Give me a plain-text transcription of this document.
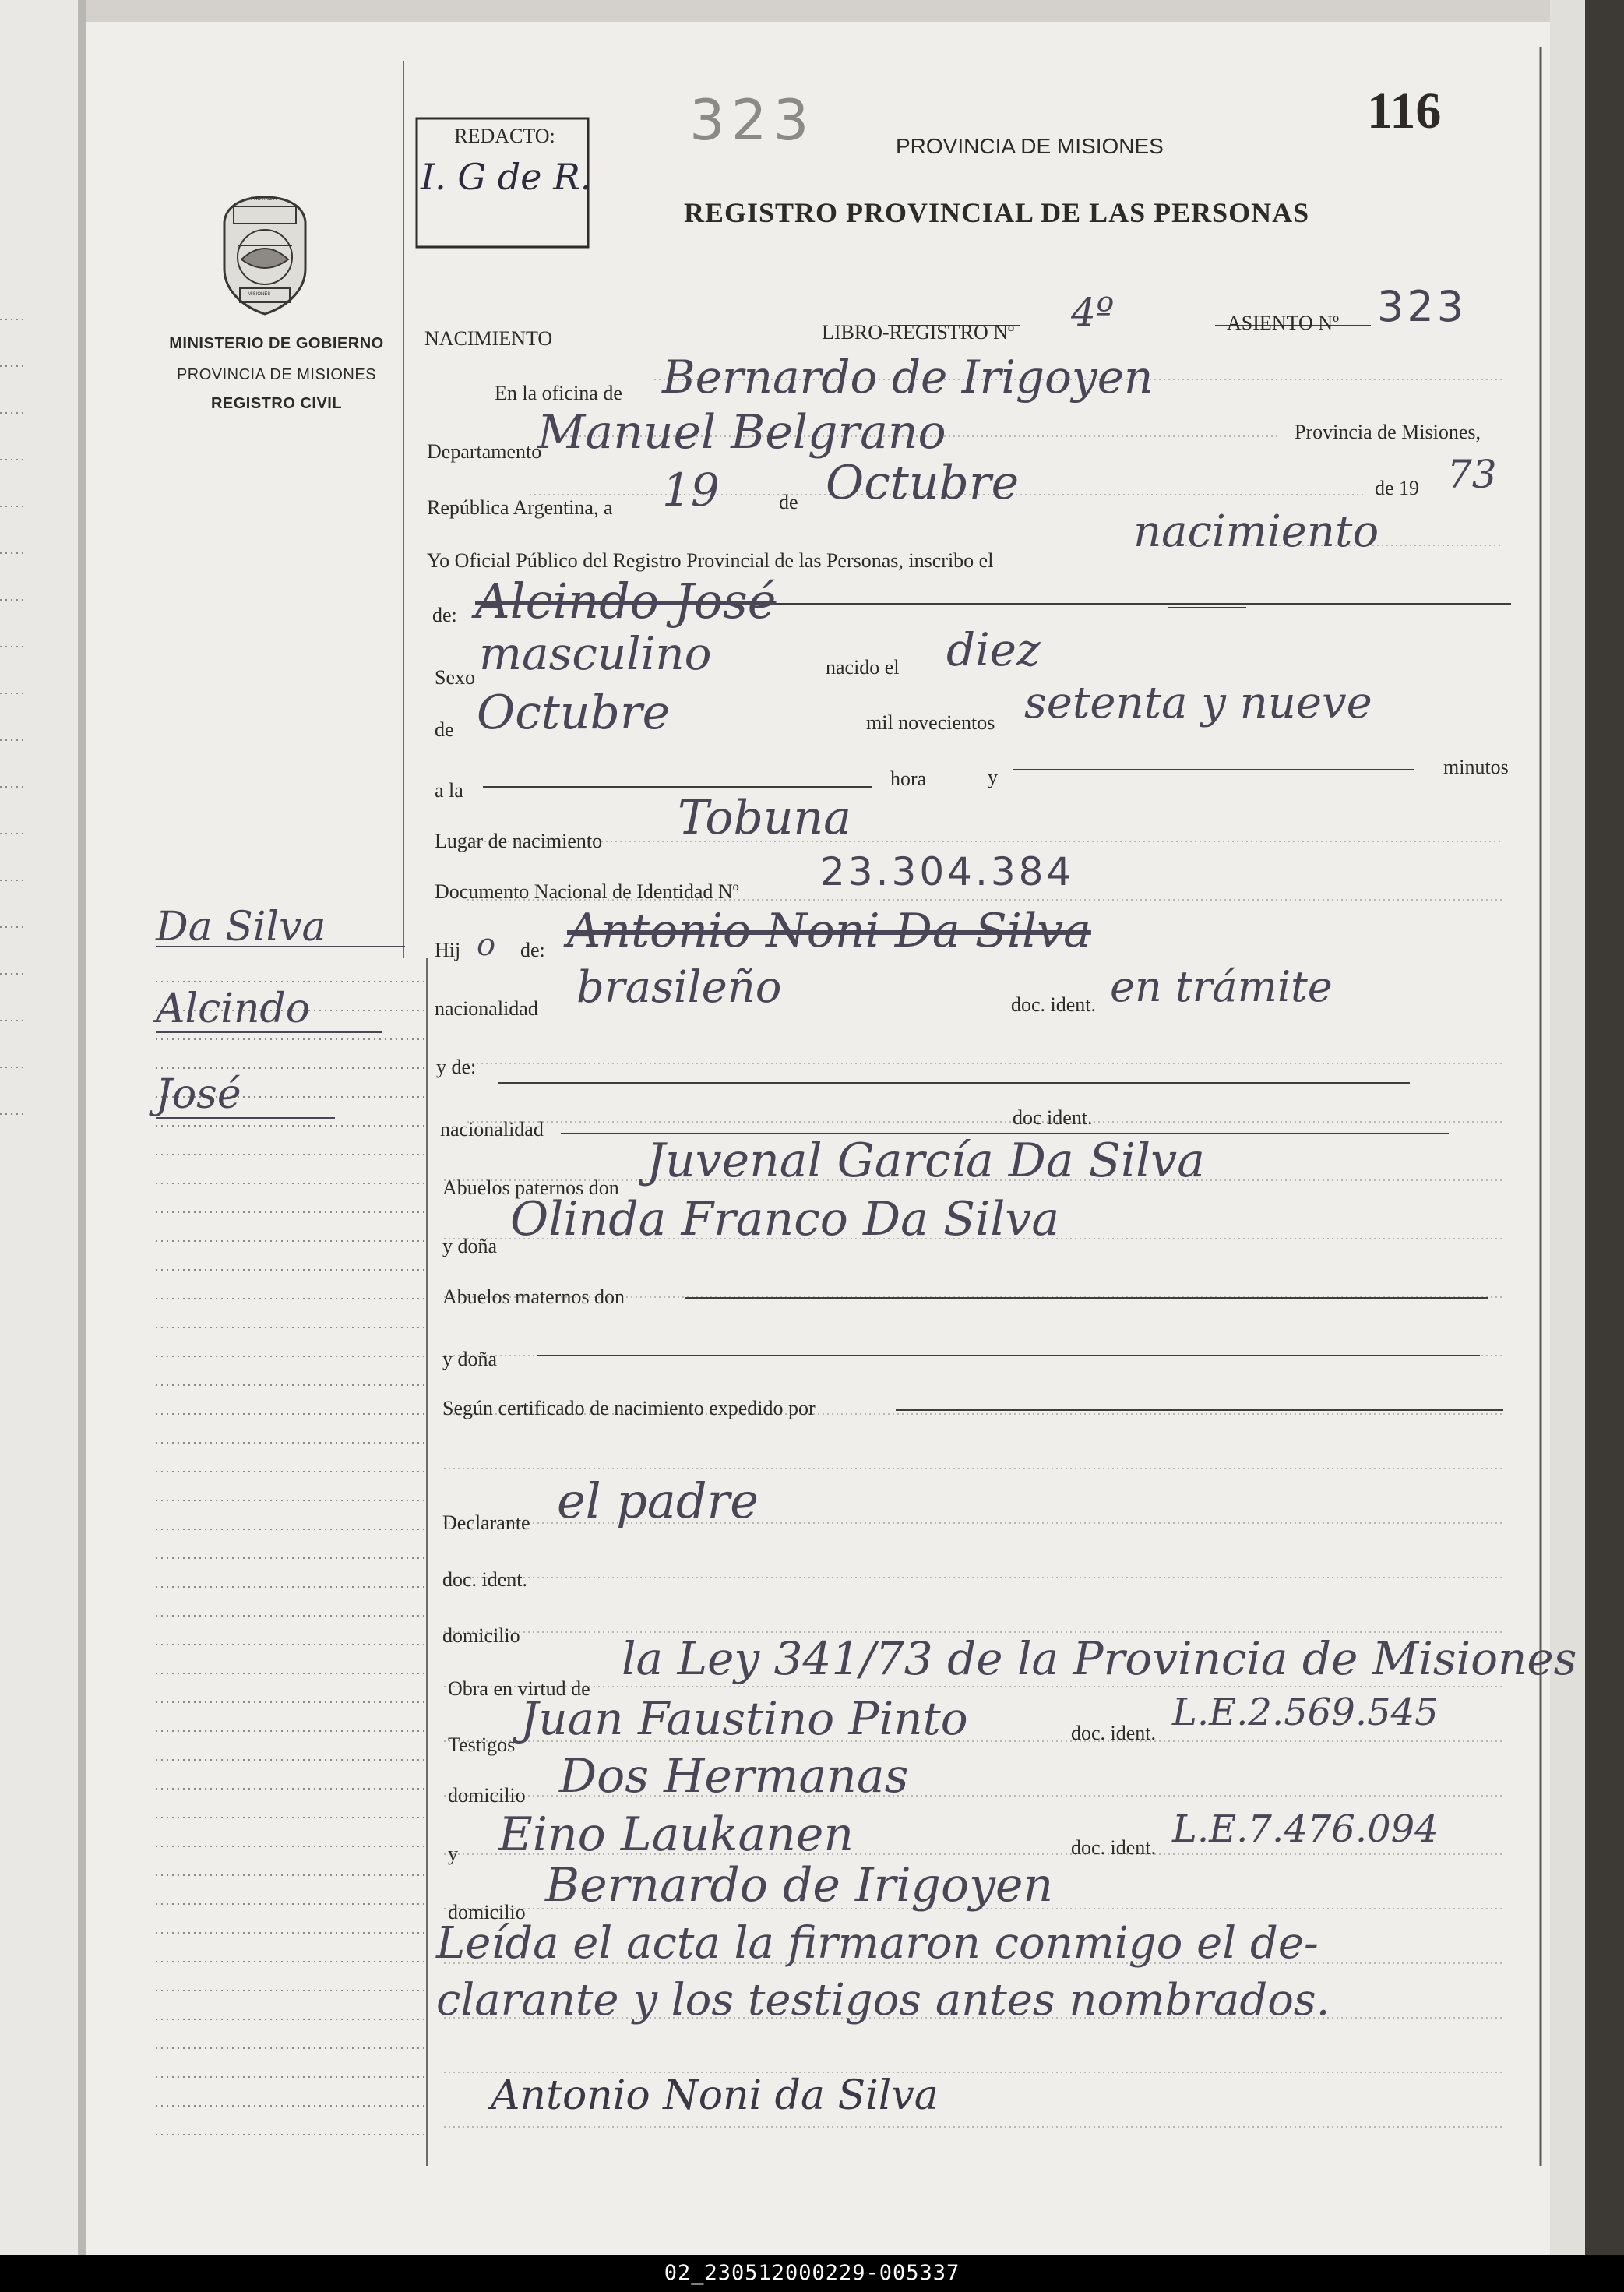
PROVINCIA
MISIONES
MINISTERIO DE GOBIERNO
PROVINCIA DE MISIONES
REGISTRO CIVIL
Da Silva
Alcindo
José
REDACTO:
I. G de R.
323	116
PROVINCIA DE MISIONES
REGISTRO PROVINCIAL DE LAS PERSONAS
NACIMIENTO	LIBRO-REGISTRO Nº 4º	ASIENTO Nº 323
En la oficina de Bernardo de Irigoyen
Departamento
Manuel Belgrano	Provincia de Misiones,
República Argentina, a 19	de Octubre	de 19 73
Yo Oficial Público del Registro Provincial de las Personas, inscribo el
nacimiento
de: Alcindo José
Sexo masculino	nacido el diez
de Octubre	mil novecientos setenta y nueve
a la
hora	y	minutos
Lugar de nacimiento Tobuna
Documento Nacional de Identidad Nº 23.304.384
Hij o de: Antonio Noni Da Silva
nacionalidad brasileño	doc. ident. en trámite
y de:
nacionalidad
doc ident.
Abuelos paternos don Juvenal García Da Silva
y doña Olinda Franco Da Silva
Abuelos maternos don
y doña
Según certificado de nacimiento expedido por
Declarante el padre
doc. ident.
domicilio
Obra en virtud de
la Ley 341/73 de la Provincia de Misiones
Testigos Juan Faustino Pinto	doc. ident. L.E.2.569.545
domicilio Dos Hermanas
y Eino Laukanen	doc. ident. L.E.7.476.094
domicilio Bernardo de Irigoyen
Leída el acta la firmaron conmigo el de-
clarante y los testigos antes nombrados.
Antonio Noni da Silva
02_230512000229-005337
